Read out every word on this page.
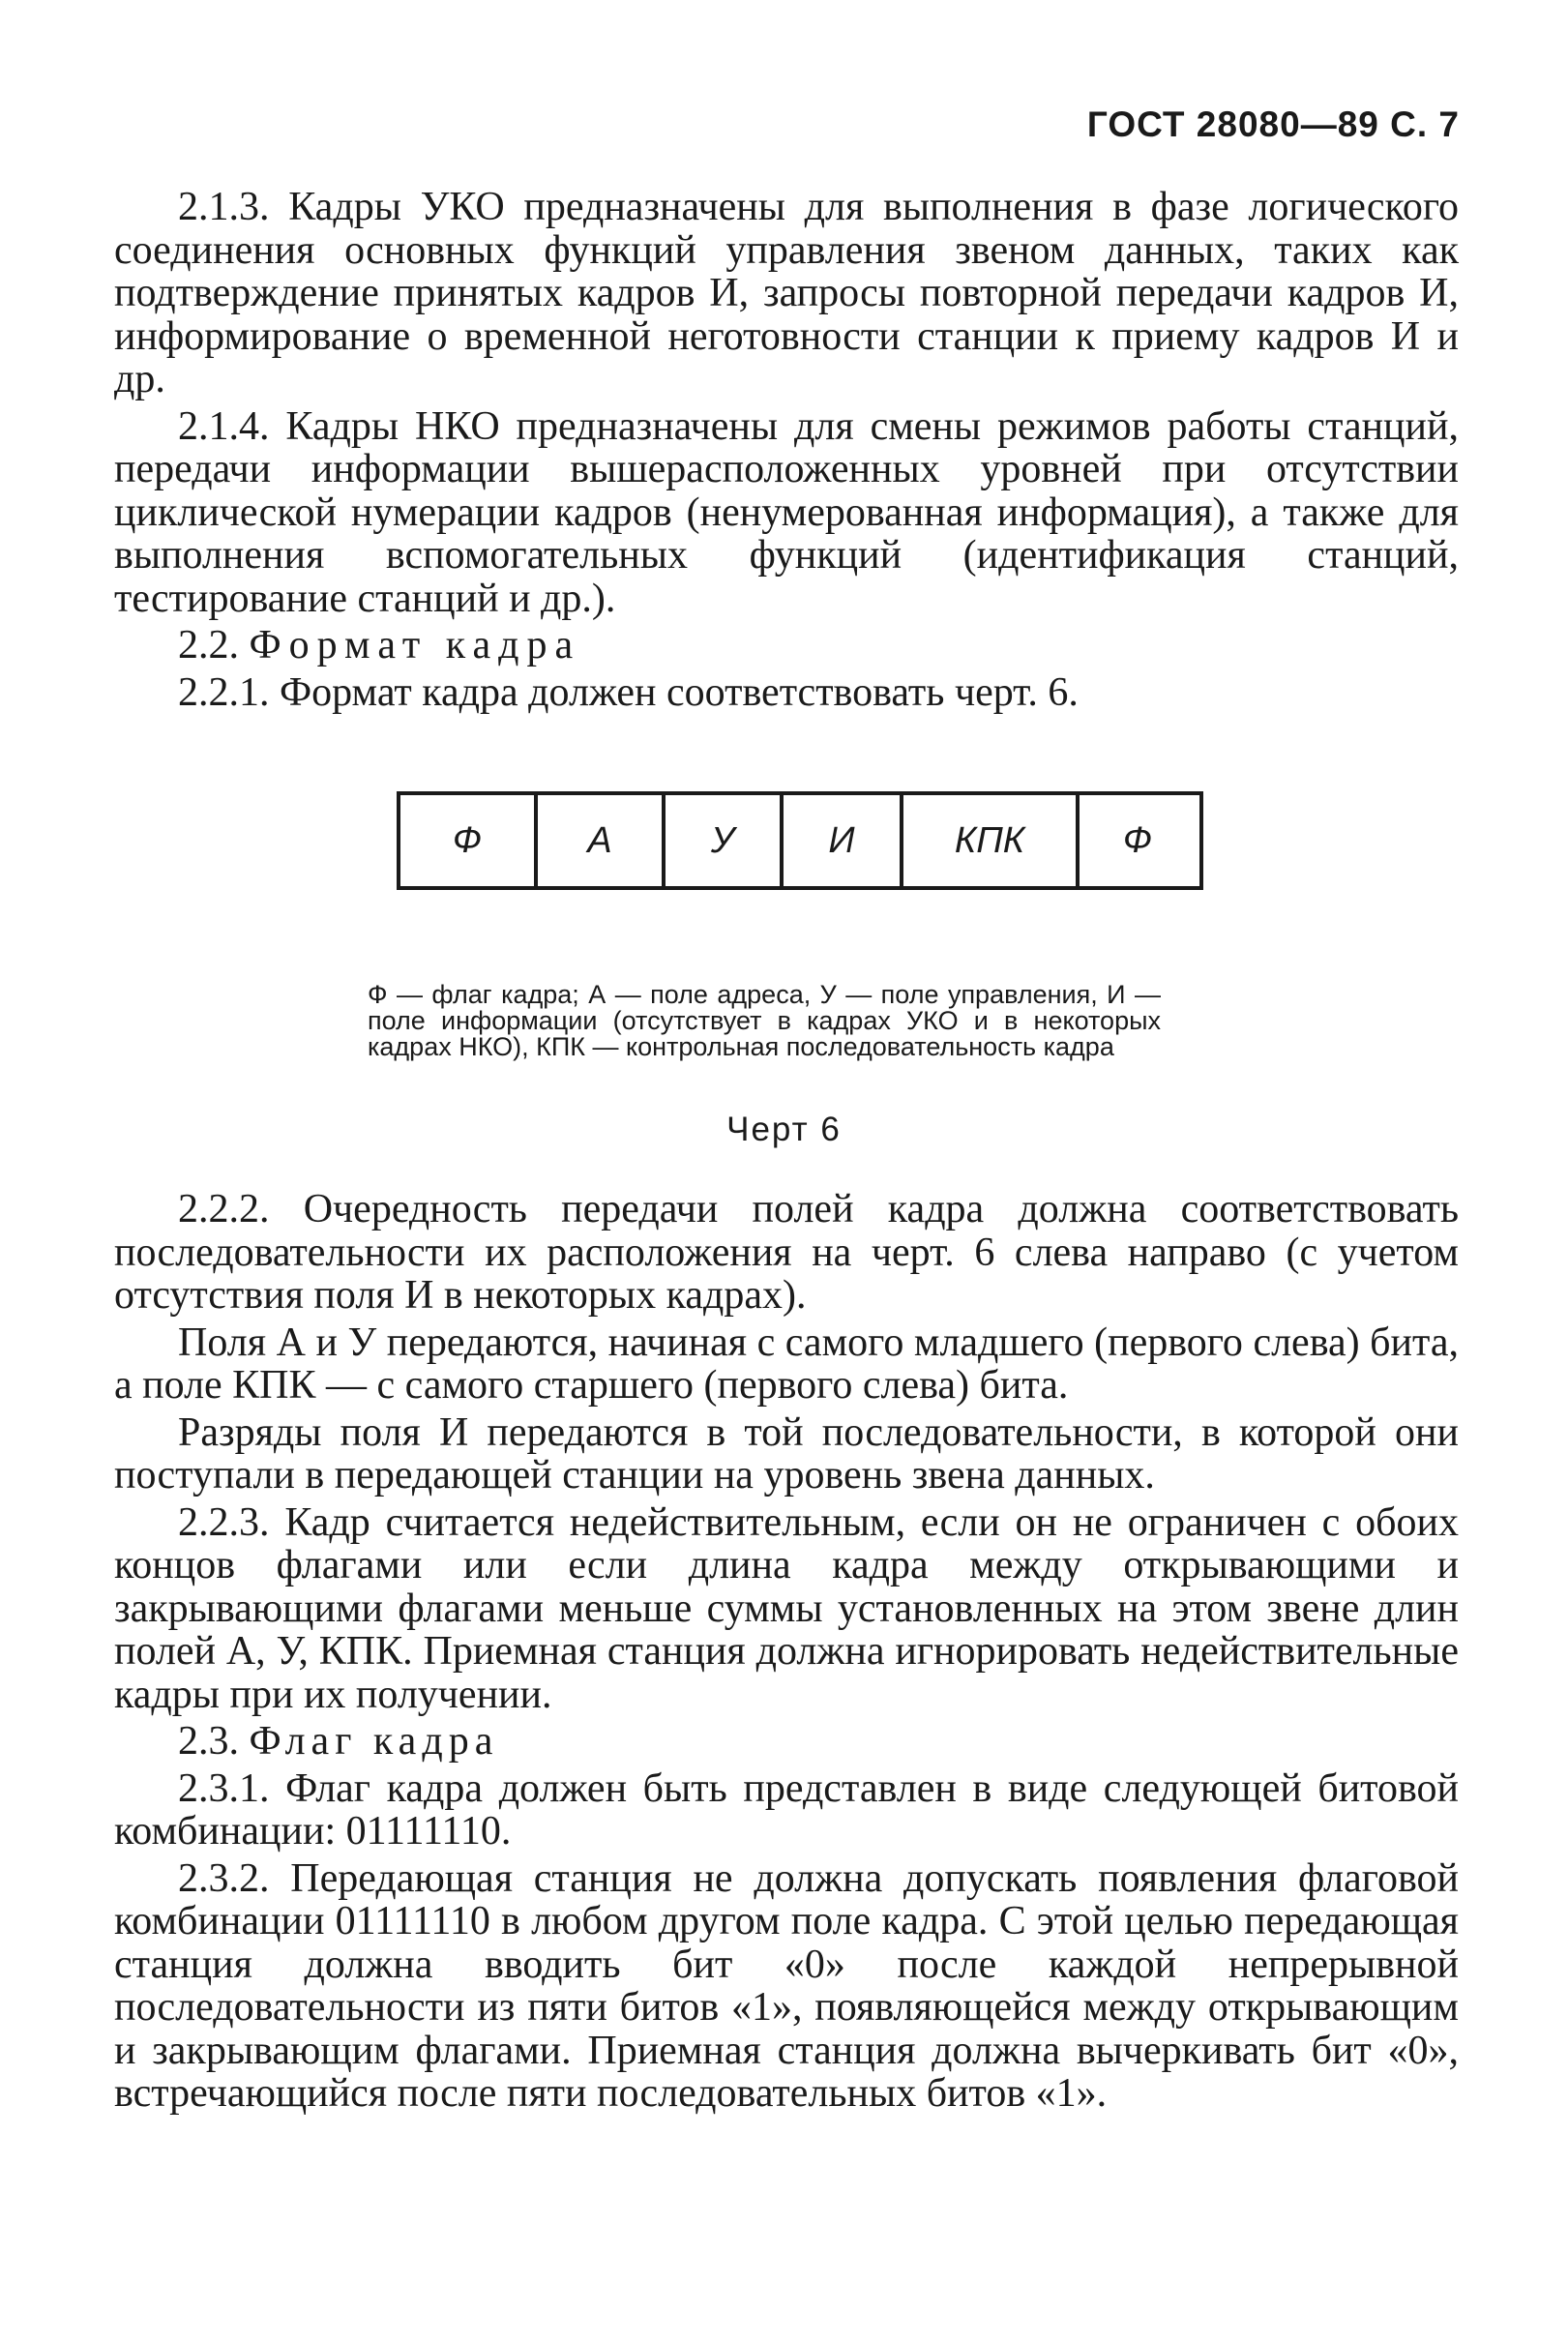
ГОСТ 28080—89 С. 7

2.1.3. Кадры УКО предназначены для выполнения в фазе логического соединения основных функций управления звеном данных, таких как подтверждение принятых кадров И, запросы повторной передачи кадров И, информирование о временной неготовности станции к приему кадров И и др.

2.1.4. Кадры НКО предназначены для смены режимов работы станций, передачи информации вышерасположенных уровней при отсутствии циклической нумерации кадров (ненумерованная информация), а также для выполнения вспомогательных функций (идентификация станций, тестирование станций и др.).

2.2. Формат кадра

2.2.1. Формат кадра должен соответствовать черт. 6.

Ф	А	У	И	КПК	Ф
Ф — флаг кадра; А — поле адреса, У — поле управления, И — поле информации (отсутствует в кадрах УКО и в некоторых кадрах НКО), КПК — контрольная последовательность кадра
Черт 6

2.2.2. Очередность передачи полей кадра должна соответствовать последовательности их расположения на черт. 6 слева направо (с учетом отсутствия поля И в некоторых кадрах).

Поля А и У передаются, начиная с самого младшего (первого слева) бита, а поле КПК — с самого старшего (первого слева) бита.

Разряды поля И передаются в той последовательности, в которой они поступали в передающей станции на уровень звена данных.

2.2.3. Кадр считается недействительным, если он не ограничен с обоих концов флагами или если длина кадра между открывающими и закрывающими флагами меньше суммы установленных на этом звене длин полей А, У, КПК. Приемная станция должна игнорировать недействительные кадры при их получении.

2.3. Флаг кадра

2.3.1. Флаг кадра должен быть представлен в виде следующей битовой комбинации: 01111110.

2.3.2. Передающая станция не должна допускать появления флаговой комбинации 01111110 в любом другом поле кадра. С этой целью передающая станция должна вводить бит «0» после каждой непрерывной последовательности из пяти битов «1», появляющейся между открывающим и закрывающим флагами. Приемная станция должна вычеркивать бит «0», встречающийся после пяти последовательных битов «1».
